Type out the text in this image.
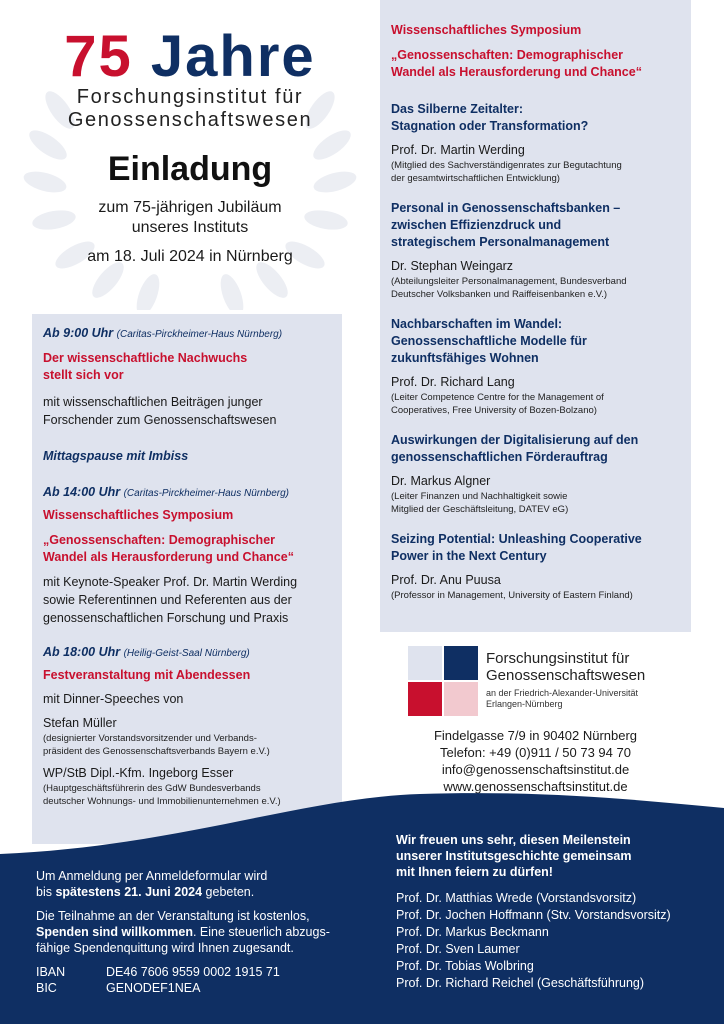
75 Jahre
Forschungsinstitut für
Genossenschaftswesen
Einladung
zum 75-jährigen Jubiläum
unseres Instituts
am 18. Juli 2024 in Nürnberg
Ab 9:00 Uhr (Caritas-Pirckheimer-Haus Nürnberg)
Der wissenschaftliche Nachwuchs
stellt sich vor
mit wissenschaftlichen Beiträgen junger
Forschender zum Genossenschaftswesen
Mittagspause mit Imbiss
Ab 14:00 Uhr (Caritas-Pirckheimer-Haus Nürnberg)
Wissenschaftliches Symposium
„Genossenschaften: Demographischer
Wandel als Herausforderung und Chance“
mit Keynote-Speaker Prof. Dr. Martin Werding
sowie Referentinnen und Referenten aus der
genossenschaftlichen Forschung und Praxis
Ab 18:00 Uhr (Heilig-Geist-Saal Nürnberg)
Festveranstaltung mit Abendessen
mit Dinner-Speeches von
Stefan Müller
(designierter Vorstandsvorsitzender und Verbands-
präsident des Genossenschaftsverbands Bayern e.V.)
WP/StB Dipl.-Kfm. Ingeborg Esser
(Hauptgeschäftsführerin des GdW Bundesverbands
deutscher Wohnungs- und Immobilienunternehmen e.V.)
Wissenschaftliches Symposium
„Genossenschaften: Demographischer
Wandel als Herausforderung und Chance“
Das Silberne Zeitalter:
Stagnation oder Transformation?
Prof. Dr. Martin Werding
(Mitglied des Sachverständigenrates zur Begutachtung
der gesamtwirtschaftlichen Entwicklung)
Personal in Genossenschaftsbanken –
zwischen Effizienzdruck und
strategischem Personalmanagement
Dr. Stephan Weingarz
(Abteilungsleiter Personalmanagement, Bundesverband
Deutscher Volksbanken und Raiffeisenbanken e.V.)
Nachbarschaften im Wandel:
Genossenschaftliche Modelle für
zukunftsfähiges Wohnen
Prof. Dr. Richard Lang
(Leiter Competence Centre for the Management of
Cooperatives, Free University of Bozen-Bolzano)
Auswirkungen der Digitalisierung auf den
genossenschaftlichen Förderauftrag
Dr. Markus Algner
(Leiter Finanzen und Nachhaltigkeit sowie
Mitglied der Geschäftsleitung, DATEV eG)
Seizing Potential: Unleashing Cooperative
Power in the Next Century
Prof. Dr. Anu Puusa
(Professor in Management, University of Eastern Finland)
Forschungsinstitut für
Genossenschaftswesen
an der Friedrich-Alexander-Universität
Erlangen-Nürnberg
Findelgasse 7/9 in 90402 Nürnberg
Telefon: +49 (0)911 / 50 73 94 70
info@genossenschaftsinstitut.de
www.genossenschaftsinstitut.de
Um Anmeldung per Anmeldeformular wird
bis spätestens 21. Juni 2024 gebeten.
Die Teilnahme an der Veranstaltung ist kostenlos,
Spenden sind willkommen. Eine steuerlich abzugs-
fähige Spendenquittung wird Ihnen zugesandt.
IBAN	DE46 7606 9559 0002 1915 71
BIC	GENODEF1NEA
Wir freuen uns sehr, diesen Meilenstein
unserer Institutsgeschichte gemeinsam
mit Ihnen feiern zu dürfen!
Prof. Dr. Matthias Wrede (Vorstandsvorsitz)
Prof. Dr. Jochen Hoffmann (Stv. Vorstandsvorsitz)
Prof. Dr. Markus Beckmann
Prof. Dr. Sven Laumer
Prof. Dr. Tobias Wolbring
Prof. Dr. Richard Reichel (Geschäftsführung)
